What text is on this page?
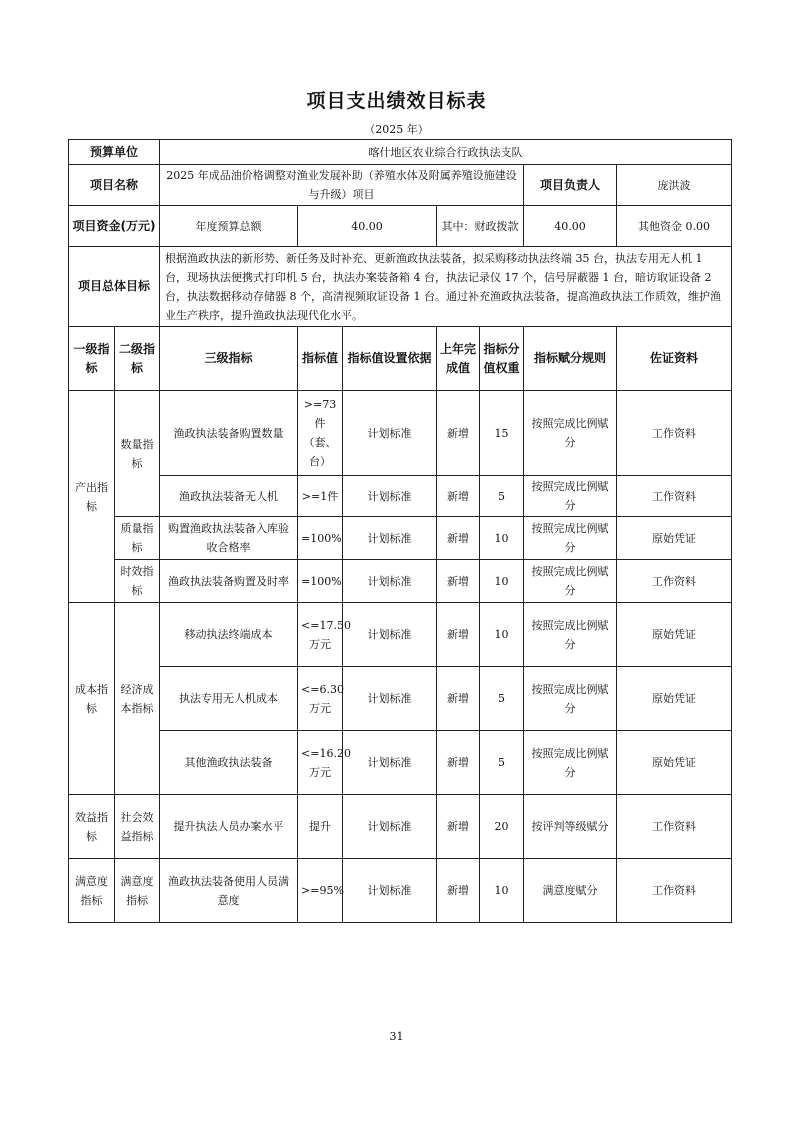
项目支出绩效目标表
（2025 年）
预算单位		喀什地区农业综合行政执法支队						
项目名称		2025 年成品油价格调整对渔业发展补助（养殖水体及附属养殖设施建设与升级）项目					项目负责人	庞洪波
项目资金(万元)		年度预算总额	40.00		其中：财政拨款		40.00	其他资金 0.00
项目总体目标		根据渔政执法的新形势、新任务及时补充、更新渔政执法装备，拟采购移动执法终端 35 台，执法专用无人机 1 台，现场执法便携式打印机 5 台，执法办案装备箱 4 台，执法记录仪 17 个，信号屏蔽器 1 台，暗访取证设备 2 台，执法数据移动存储器 8 个，高清视频取证设备 1 台。通过补充渔政执法装备，提高渔政执法工作质效，维护渔业生产秩序，提升渔政执法现代化水平。						
一级指标	二级指标	三级指标	指标值	指标值设置依据	上年完成值	指标分值权重	指标赋分规则	佐证资料
产出指标	数量指标	渔政执法装备购置数量	>=73件（套、台）	计划标准	新增	15	按照完成比例赋分	工作资料
		渔政执法装备无人机	>=1件	计划标准	新增	5	按照完成比例赋分	工作资料
	质量指标	购置渔政执法装备入库验收合格率	=100%	计划标准	新增	10	按照完成比例赋分	原始凭证
	时效指标	渔政执法装备购置及时率	=100%	计划标准	新增	10	按照完成比例赋分	工作资料
成本指标	经济成本指标	移动执法终端成本	<=17.50万元	计划标准	新增	10	按照完成比例赋分	原始凭证
		执法专用无人机成本	<=6.30万元	计划标准	新增	5	按照完成比例赋分	原始凭证
		其他渔政执法装备	<=16.20万元	计划标准	新增	5	按照完成比例赋分	原始凭证
效益指标	社会效益指标	提升执法人员办案水平	提升	计划标准	新增	20	按评判等级赋分	工作资料
满意度指标	满意度指标	渔政执法装备使用人员满意度	>=95%	计划标准	新增	10	满意度赋分	工作资料
31
